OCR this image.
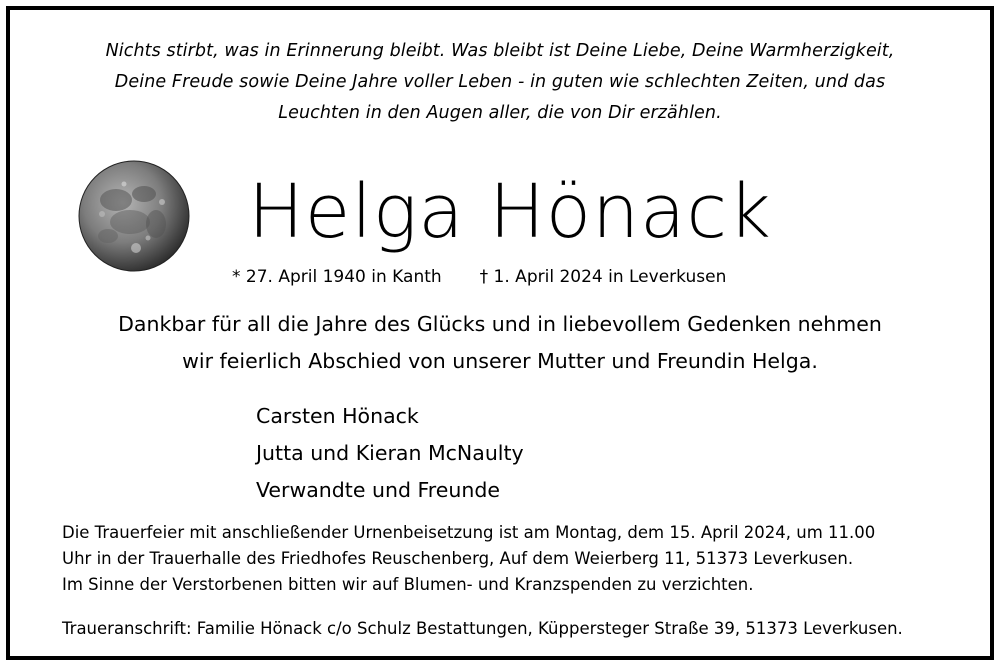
Nichts stirbt, was in Erinnerung bleibt. Was bleibt ist Deine Liebe, Deine Warmherzigkeit,
Deine Freude sowie Deine Jahre voller Leben - in guten wie schlechten Zeiten, und das
Leuchten in den Augen aller, die von Dir erzählen.
Helga Hönack
* 27. April 1940 in Kanth † 1. April 2024 in Leverkusen
Dankbar für all die Jahre des Glücks und in liebevollem Gedenken nehmen
wir feierlich Abschied von unserer Mutter und Freundin Helga.
Carsten Hönack
Jutta und Kieran McNaulty
Verwandte und Freunde
Die Trauerfeier mit anschließender Urnenbeisetzung ist am Montag, dem 15. April 2024, um 11.00
Uhr in der Trauerhalle des Friedhofes Reuschenberg, Auf dem Weierberg 11, 51373 Leverkusen.
Im Sinne der Verstorbenen bitten wir auf Blumen- und Kranzspenden zu verzichten.
Traueranschrift: Familie Hönack c/o Schulz Bestattungen, Küppersteger Straße 39, 51373 Leverkusen.
